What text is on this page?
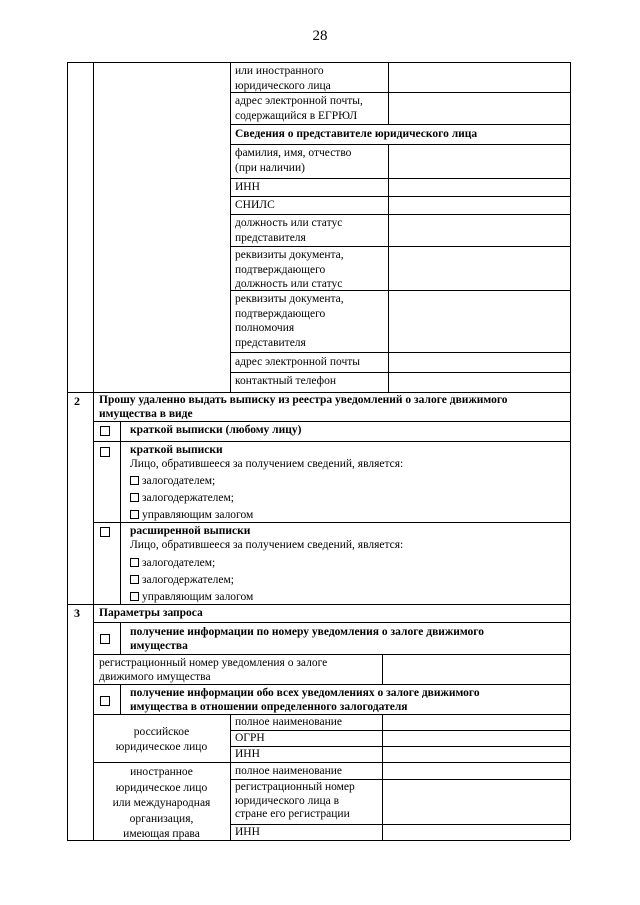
28
или иностранного
юридического лица
адрес электронной почты,
содержащийся в ЕГРЮЛ
Сведения о представителе юридического лица
фамилия, имя, отчество
(при наличии)
ИНН
СНИЛС
должность или статус
представителя
реквизиты документа,
подтверждающего
должность или статус
реквизиты документа,
подтверждающего
полномочия
представителя
адрес электронной почты
контактный телефон
2 Прошу удаленно выдать выписку из реестра уведомлений о залоге движимого
имущества в виде
краткой выписки (любому лицу)
краткой выписки
Лицо, обратившееся за получением сведений, является:
залогодателем;
залогодержателем;
управляющим залогом
расширенной выписки
Лицо, обратившееся за получением сведений, является:
залогодателем;
залогодержателем;
управляющим залогом
3 Параметры запроса
получение информации по номеру уведомления о залоге движимого
имущества
регистрационный номер уведомления о залоге
движимого имущества
получение информации обо всех уведомлениях о залоге движимого
имущества в отношении определенного залогодателя
российское
юридическое лицо
полное наименование
ОГРН
ИНН
иностранное
юридическое лицо
или международная
организация,
имеющая права
полное наименование
регистрационный номер
юридического лица в
стране его регистрации
ИНН
